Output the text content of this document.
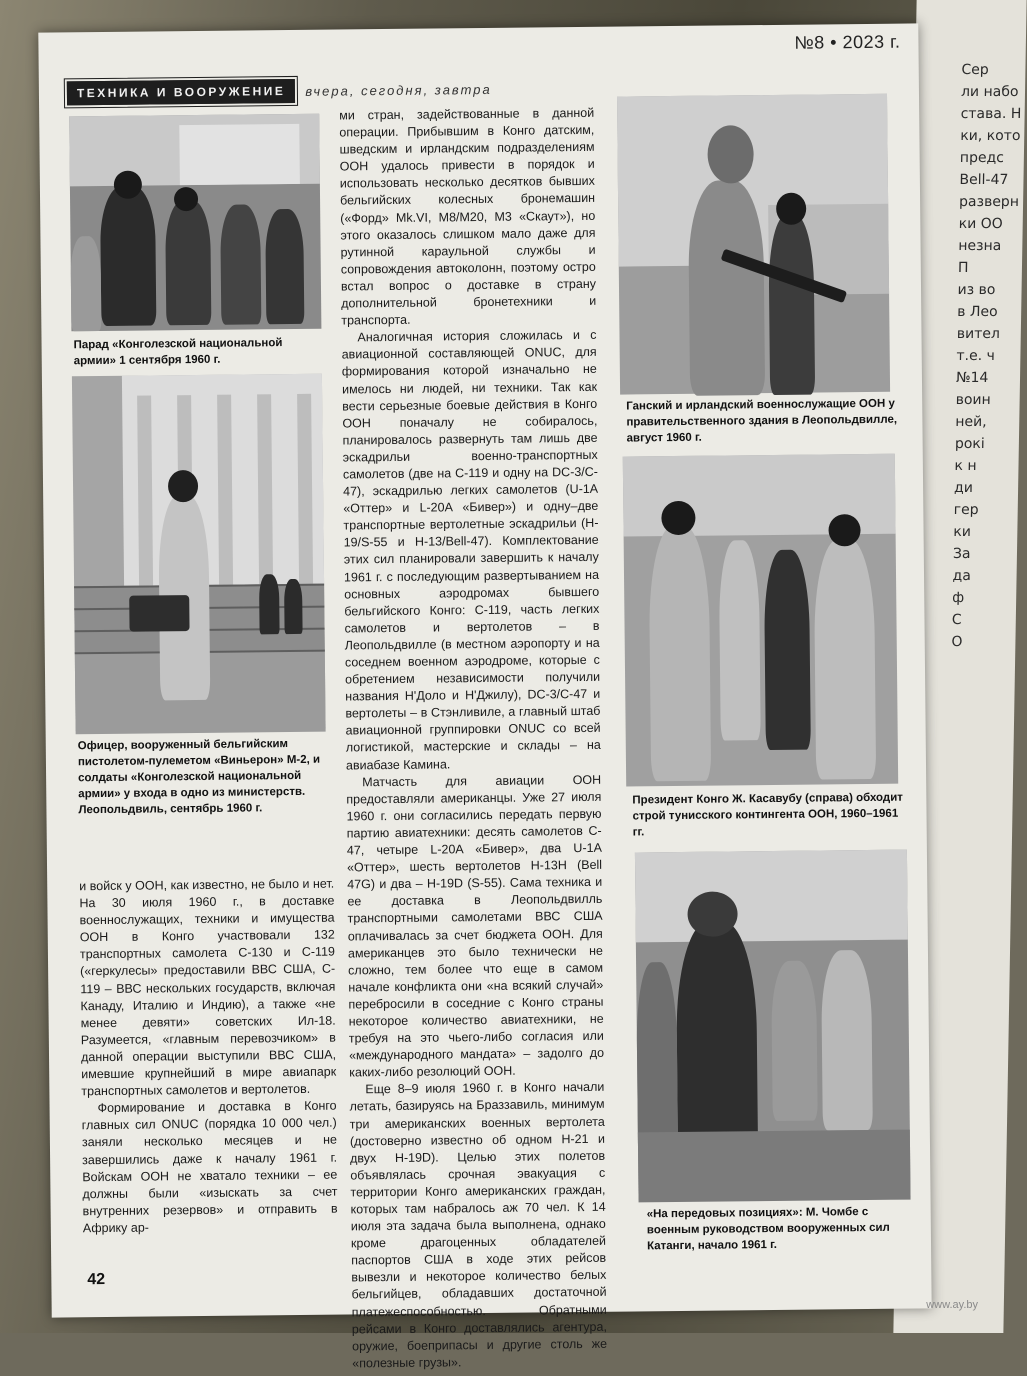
Сер
ли набо
става. Н
ки, кото
предс
Bell-47
разверн
ки ОО
незна
П
из во
в Лео
вител
т.е. ч
№14
воин
ней,
рокі
к н
ди
гер
ки
За
да
ф
С
О
№8 • 2023 г.
ТЕХНИКА И ВООРУЖЕНИЕ	вчера, сегодня, завтра
Парад «Конголезской национальной армии» 1 сентября 1960 г.
Офицер, вооруженный бельгийским пистолетом-пулеметом «Виньерон» М-2, и солдаты «Конголезской национальной армии» у входа в одно из министерств. Леопольдвиль, сентябрь 1960 г.

и войск у ООН, как известно, не было и нет. На 30 июля 1960 г., в доставке военнослужащих, техники и имущества ООН в Конго участвовали 132 транспортных самолета C-130 и C-119 («геркулесы» предоставили ВВС США, C-119 – ВВС нескольких государств, включая Канаду, Италию и Индию), а также «не менее девяти» советских Ил-18. Разумеется, «главным перевозчиком» в данной операции выступили ВВС США, имевшие крупнейший в мире авиапарк транспортных самолетов и вертолетов.

Формирование и доставка в Конго главных сил ONUC (порядка 10 000 чел.) заняли несколько месяцев и не завершились даже к началу 1961 г. Войскам ООН не хватало техники – ее должны были «изыскать за счет внутренних резервов» и отправить в Африку ар-

ми стран, задействованные в данной операции. Прибывшим в Конго датским, шведским и ирландским подразделениям ООН удалось привести в порядок и использовать несколько десятков бывших бельгийских колесных бронемашин («Форд» Mk.VI, M8/M20, M3 «Скаут»), но этого оказалось слишком мало даже для рутинной караульной службы и сопровождения автоколонн, поэтому остро встал вопрос о доставке в страну дополнительной бронетехники и транспорта.

Аналогичная история сложилась и с авиационной составляющей ONUC, для формирования которой изначально не имелось ни людей, ни техники. Так как вести серьезные боевые действия в Конго ООН поначалу не собиралось, планировалось развернуть там лишь две эскадрильи военно-транспортных самолетов (две на C-119 и одну на DC-3/C-47), эскадрилью легких самолетов (U-1A «Оттер» и L-20A «Бивер») и одну–две транспортные вертолетные эскадрильи (H-19/S-55 и H-13/Bell-47). Комплектование этих сил планировали завершить к началу 1961 г. с последующим развертыванием на основных аэродромах бывшего бельгийского Конго: C-119, часть легких самолетов и вертолетов – в Леопольдвилле (в местном аэропорту и на соседнем военном аэродроме, которые с обретением независимости получили названия Н'Доло и Н'Джилу), DC-3/C-47 и вертолеты – в Стэнливиле, а главный штаб авиационной группировки ONUC со всей логистикой, мастерские и склады – на авиабазе Камина.

Матчасть для авиации ООН предоставляли американцы. Уже 27 июля 1960 г. они согласились передать первую партию авиатехники: десять самолетов C-47, четыре L-20A «Бивер», два U-1A «Оттер», шесть вертолетов H-13H (Bell 47G) и два – H-19D (S-55). Сама техника и ее доставка в Леопольдвилль транспортными самолетами ВВС США оплачивалась за счет бюджета ООН. Для американцев это было технически не сложно, тем более что еще в самом начале конфликта они «на всякий случай» перебросили в соседние с Конго страны некоторое количество авиатехники, не требуя на это чьего-либо согласия или «международного мандата» – задолго до каких-либо резолюций ООН.

Еще 8–9 июля 1960 г. в Конго начали летать, базируясь на Браззавиль, минимум три американских военных вертолета (достоверно известно об одном H-21 и двух H-19D). Целью этих полетов объявлялась срочная эвакуация с территории Конго американских граждан, которых там набралось аж 70 чел. К 14 июля эта задача была выполнена, однако кроме драгоценных обладателей паспортов США в ходе этих рейсов вывезли и некоторое количество белых бельгийцев, обладавших достаточной платежеспособностью. Обратными рейсами в Конго доставлялись агентура, оружие, боеприпасы и другие столь же «полезные грузы».

Ганский и ирландский военнослужащие ООН у правительственного здания в Леопольдвилле, август 1960 г.
Президент Конго Ж. Касавубу (справа) обходит строй тунисского контингента ООН, 1960–1961 гг.
«На передовых позициях»: М. Чомбе с военным руководством вооруженных сил Катанги, начало 1961 г.
42
www.ay.by
